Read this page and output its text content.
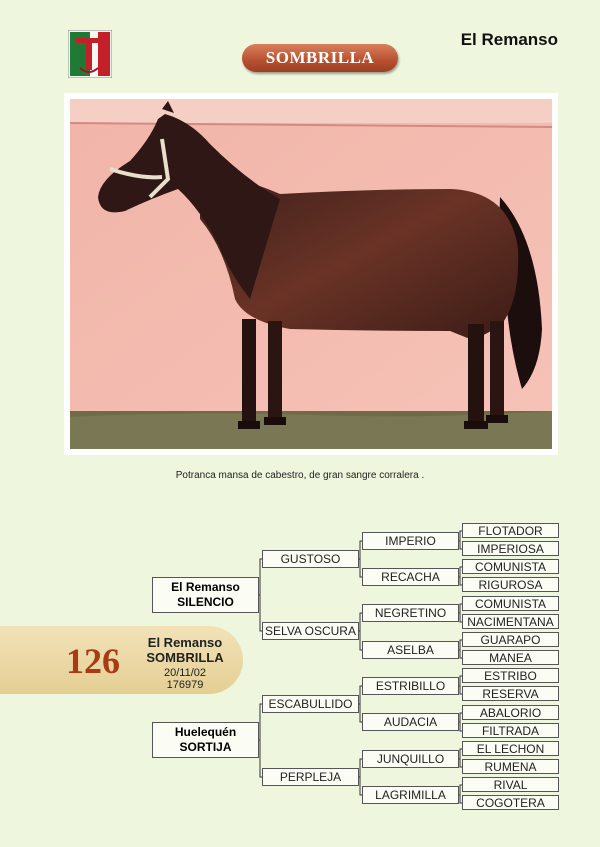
El Remanso
SOMBRILLA
Potranca mansa de cabestro, de gran sangre corralera .
126	El Remanso
SOMBRILLA
20/11/02
176979
El Remanso
SILENCIO
Huelequén
SORTIJA
GUSTOSO
SELVA OSCURA
ESCABULLIDO
PERPLEJA
IMPERIO
RECACHA
NEGRETINO
ASELBA
ESTRIBILLO
AUDACIA
JUNQUILLO
LAGRIMILLA
FLOTADOR
IMPERIOSA
COMUNISTA
RIGUROSA
COMUNISTA
NACIMENTANA
GUARAPO
MANEA
ESTRIBO
RESERVA
ABALORIO
FILTRADA
EL LECHON
RUMENA
RIVAL
COGOTERA
